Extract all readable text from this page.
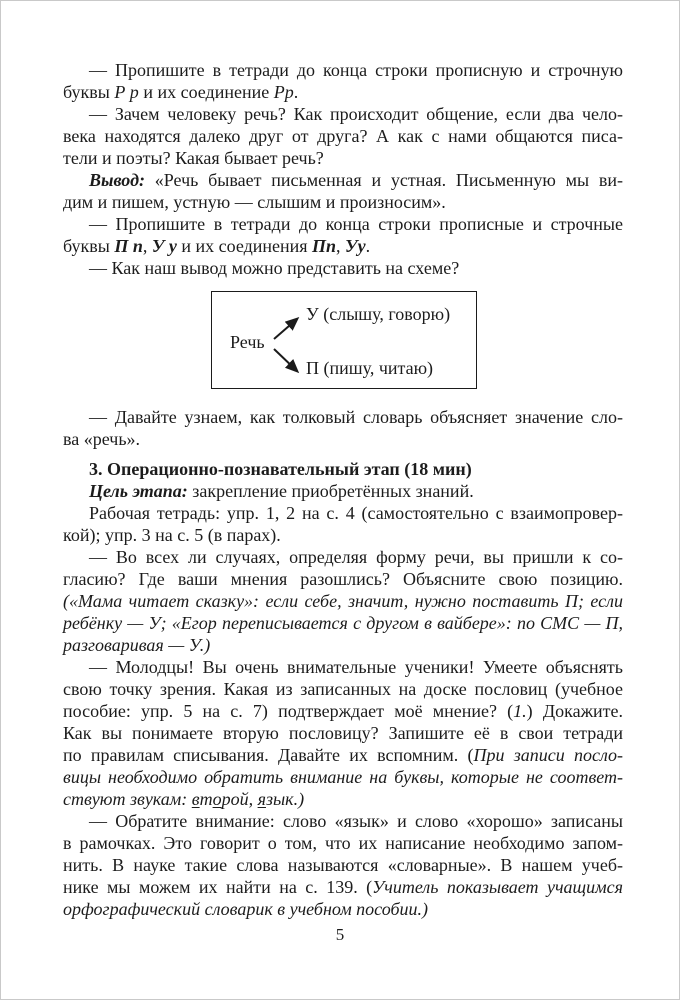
— Пропишите в тетради до конца строки прописную и строчную
буквы Р р и их соединение Рр.
— Зачем человеку речь? Как происходит общение, если два чело-
века находятся далеко друг от друга? А как с нами общаются писа-
тели и поэты? Какая бывает речь?
Вывод: «Речь бывает письменная и устная. Письменную мы ви-
дим и пишем, устную — слышим и произносим».
— Пропишите в тетради до конца строки прописные и строчные
буквы П п, У у и их соединения Пп, Уу.
— Как наш вывод можно представить на схеме?
Речь
У (слышу, говорю)
П (пишу, читаю)
— Давайте узнаем, как толковый словарь объясняет значение сло-
ва «речь».
3. Операционно-познавательный этап (18 мин)
Цель этапа: закрепление приобретённых знаний.
Рабочая тетрадь: упр. 1, 2 на с. 4 (самостоятельно с взаимопровер-
кой); упр. 3 на с. 5 (в парах).
— Во всех ли случаях, определяя форму речи, вы пришли к со-
гласию? Где ваши мнения разошлись? Объясните свою позицию.
(«Мама читает сказку»: если себе, значит, нужно поставить П; если
ребёнку — У; «Егор переписывается с другом в вайбере»: по СМС — П,
разговаривая — У.)
— Молодцы! Вы очень внимательные ученики! Умеете объяснять
свою точку зрения. Какая из записанных на доске пословиц (учебное
пособие: упр. 5 на с. 7) подтверждает моё мнение? (1.) Докажите.
Как вы понимаете вторую пословицу? Запишите её в свои тетради
по правилам списывания. Давайте их вспомним. (При записи посло-
вицы необходимо обратить внимание на буквы, которые не соответ-
ствуют звукам: второй, язык.)
— Обратите внимание: слово «язык» и слово «хорошо» записаны
в рамочках. Это говорит о том, что их написание необходимо запом-
нить. В науке такие слова называются «словарные». В нашем учеб-
нике мы можем их найти на с. 139. (Учитель показывает учащимся
орфографический словарик в учебном пособии.)
5
